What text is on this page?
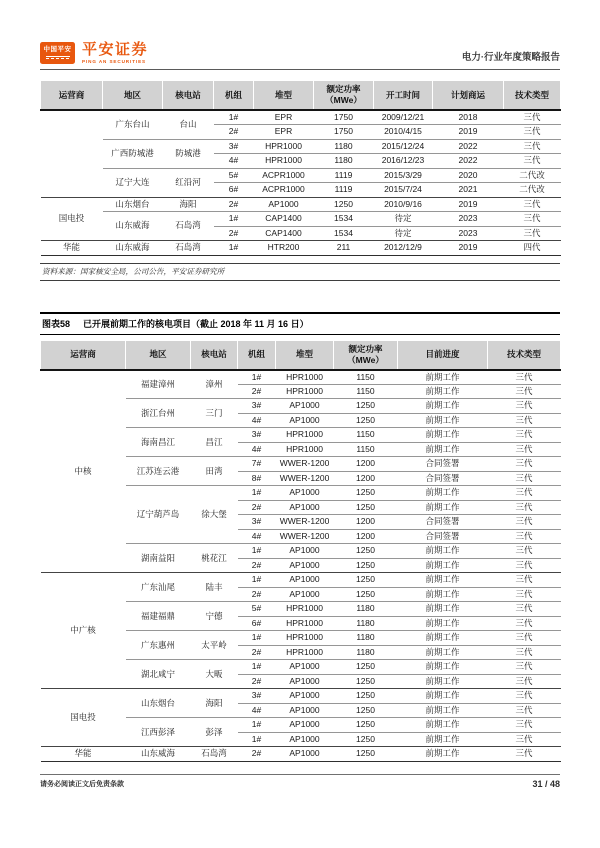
中国平安 平安证券
PING AN SECURITIES	电力·行业年度策略报告
运营商	地区	核电站	机组	堆型	额定功率
（MWe）	开工时间	计划商运	技术类型

	广东台山	台山	1#	EPR	1750	2009/12/21	2018	三代
			2#	EPR	1750	2010/4/15	2019	三代
	广西防城港	防城港	3#	HPR1000	1180	2015/12/24	2022	三代
			4#	HPR1000	1180	2016/12/23	2022	三代
	辽宁大连	红沿河	5#	ACPR1000	1119	2015/3/29	2020	二代改
			6#	ACPR1000	1119	2015/7/24	2021	二代改
国电投	山东烟台	海阳	2#	AP1000	1250	2010/9/16	2019	三代
	山东威海	石岛湾	1#	CAP1400	1534	待定	2023	三代
			2#	CAP1400	1534	待定	2023	三代
华能	山东威海	石岛湾	1#	HTR200	211	2012/12/9	2019	四代
资料来源：国家核安全局，公司公告，平安证券研究所
图表58 已开展前期工作的核电项目（截止 2018 年 11 月 16 日）
运营商	地区	核电站	机组	堆型	额定功率
（MWe）	目前进度	技术类型

中核	福建漳州	漳州	1#	HPR1000	1150	前期工作	三代
			2#	HPR1000	1150	前期工作	三代
	浙江台州	三门	3#	AP1000	1250	前期工作	三代
			4#	AP1000	1250	前期工作	三代
	海南昌江	昌江	3#	HPR1000	1150	前期工作	三代
			4#	HPR1000	1150	前期工作	三代
	江苏连云港	田湾	7#	WWER-1200	1200	合同签署	三代
			8#	WWER-1200	1200	合同签署	三代
	辽宁葫芦岛	徐大堡	1#	AP1000	1250	前期工作	三代
			2#	AP1000	1250	前期工作	三代
			3#	WWER-1200	1200	合同签署	三代
			4#	WWER-1200	1200	合同签署	三代
	湖南益阳	桃花江	1#	AP1000	1250	前期工作	三代
			2#	AP1000	1250	前期工作	三代
中广核	广东汕尾	陆丰	1#	AP1000	1250	前期工作	三代
			2#	AP1000	1250	前期工作	三代
	福建福鼎	宁德	5#	HPR1000	1180	前期工作	三代
			6#	HPR1000	1180	前期工作	三代
	广东惠州	太平岭	1#	HPR1000	1180	前期工作	三代
			2#	HPR1000	1180	前期工作	三代
	湖北咸宁	大畈	1#	AP1000	1250	前期工作	三代
			2#	AP1000	1250	前期工作	三代
国电投	山东烟台	海阳	3#	AP1000	1250	前期工作	三代
			4#	AP1000	1250	前期工作	三代
	江西彭泽	彭泽	1#	AP1000	1250	前期工作	三代
			1#	AP1000	1250	前期工作	三代
华能	山东威海	石岛湾	2#	AP1000	1250	前期工作	三代
请务必阅读正文后免责条款	31 / 48
